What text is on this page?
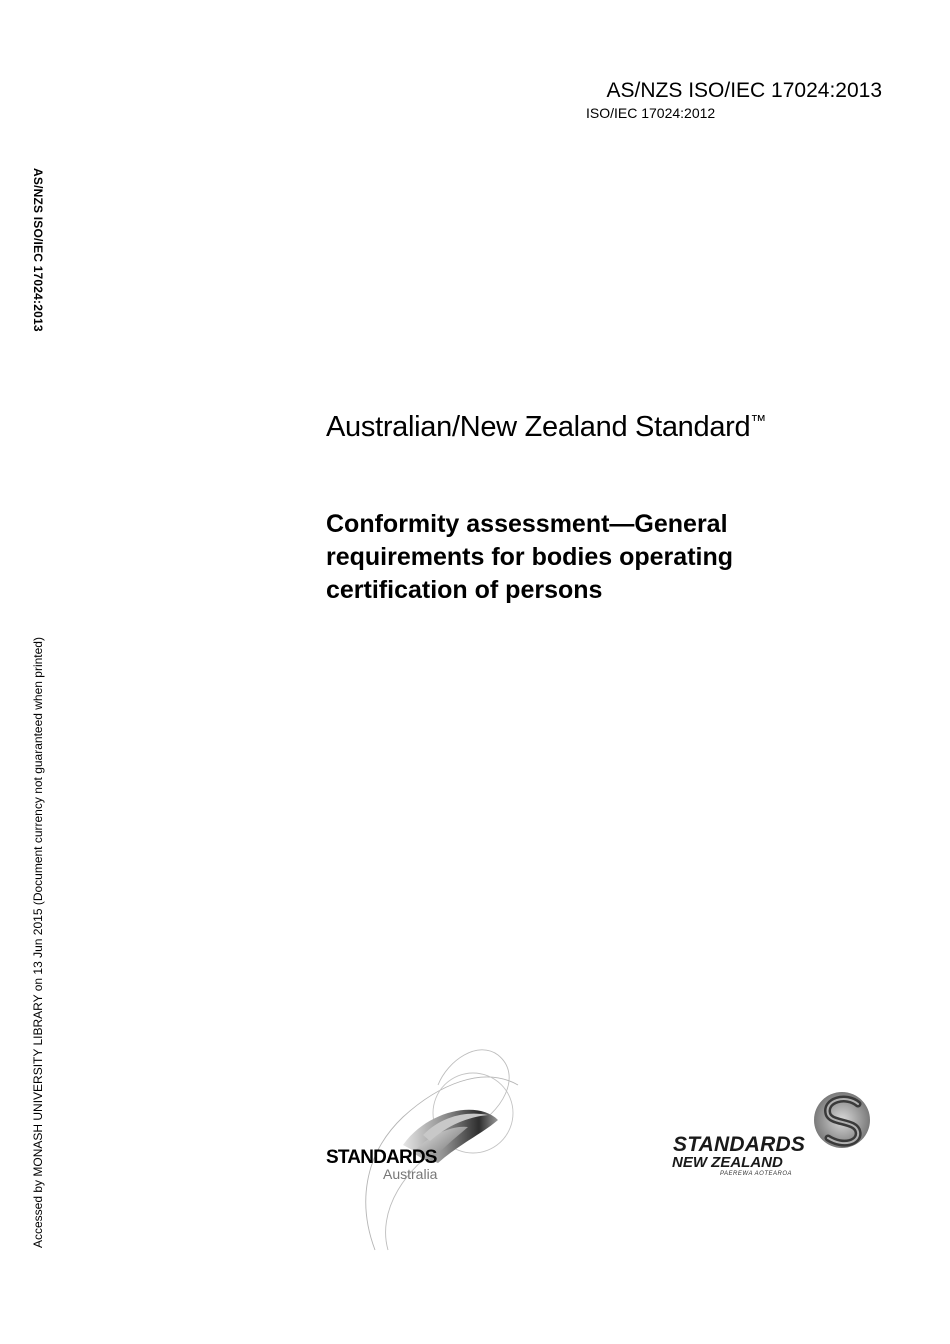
AS/NZS ISO/IEC 17024:2013
ISO/IEC 17024:2012
AS/NZS ISO/IEC 17024:2013
Accessed by MONASH UNIVERSITY LIBRARY on 13 Jun 2015 (Document currency not guaranteed when printed)
Australian/New Zealand Standard™
Conformity assessment—General
requirements for bodies operating
certification of persons
STANDARDS
Australia
STANDARDS
NEW ZEALAND
PAEREWA AOTEAROA
